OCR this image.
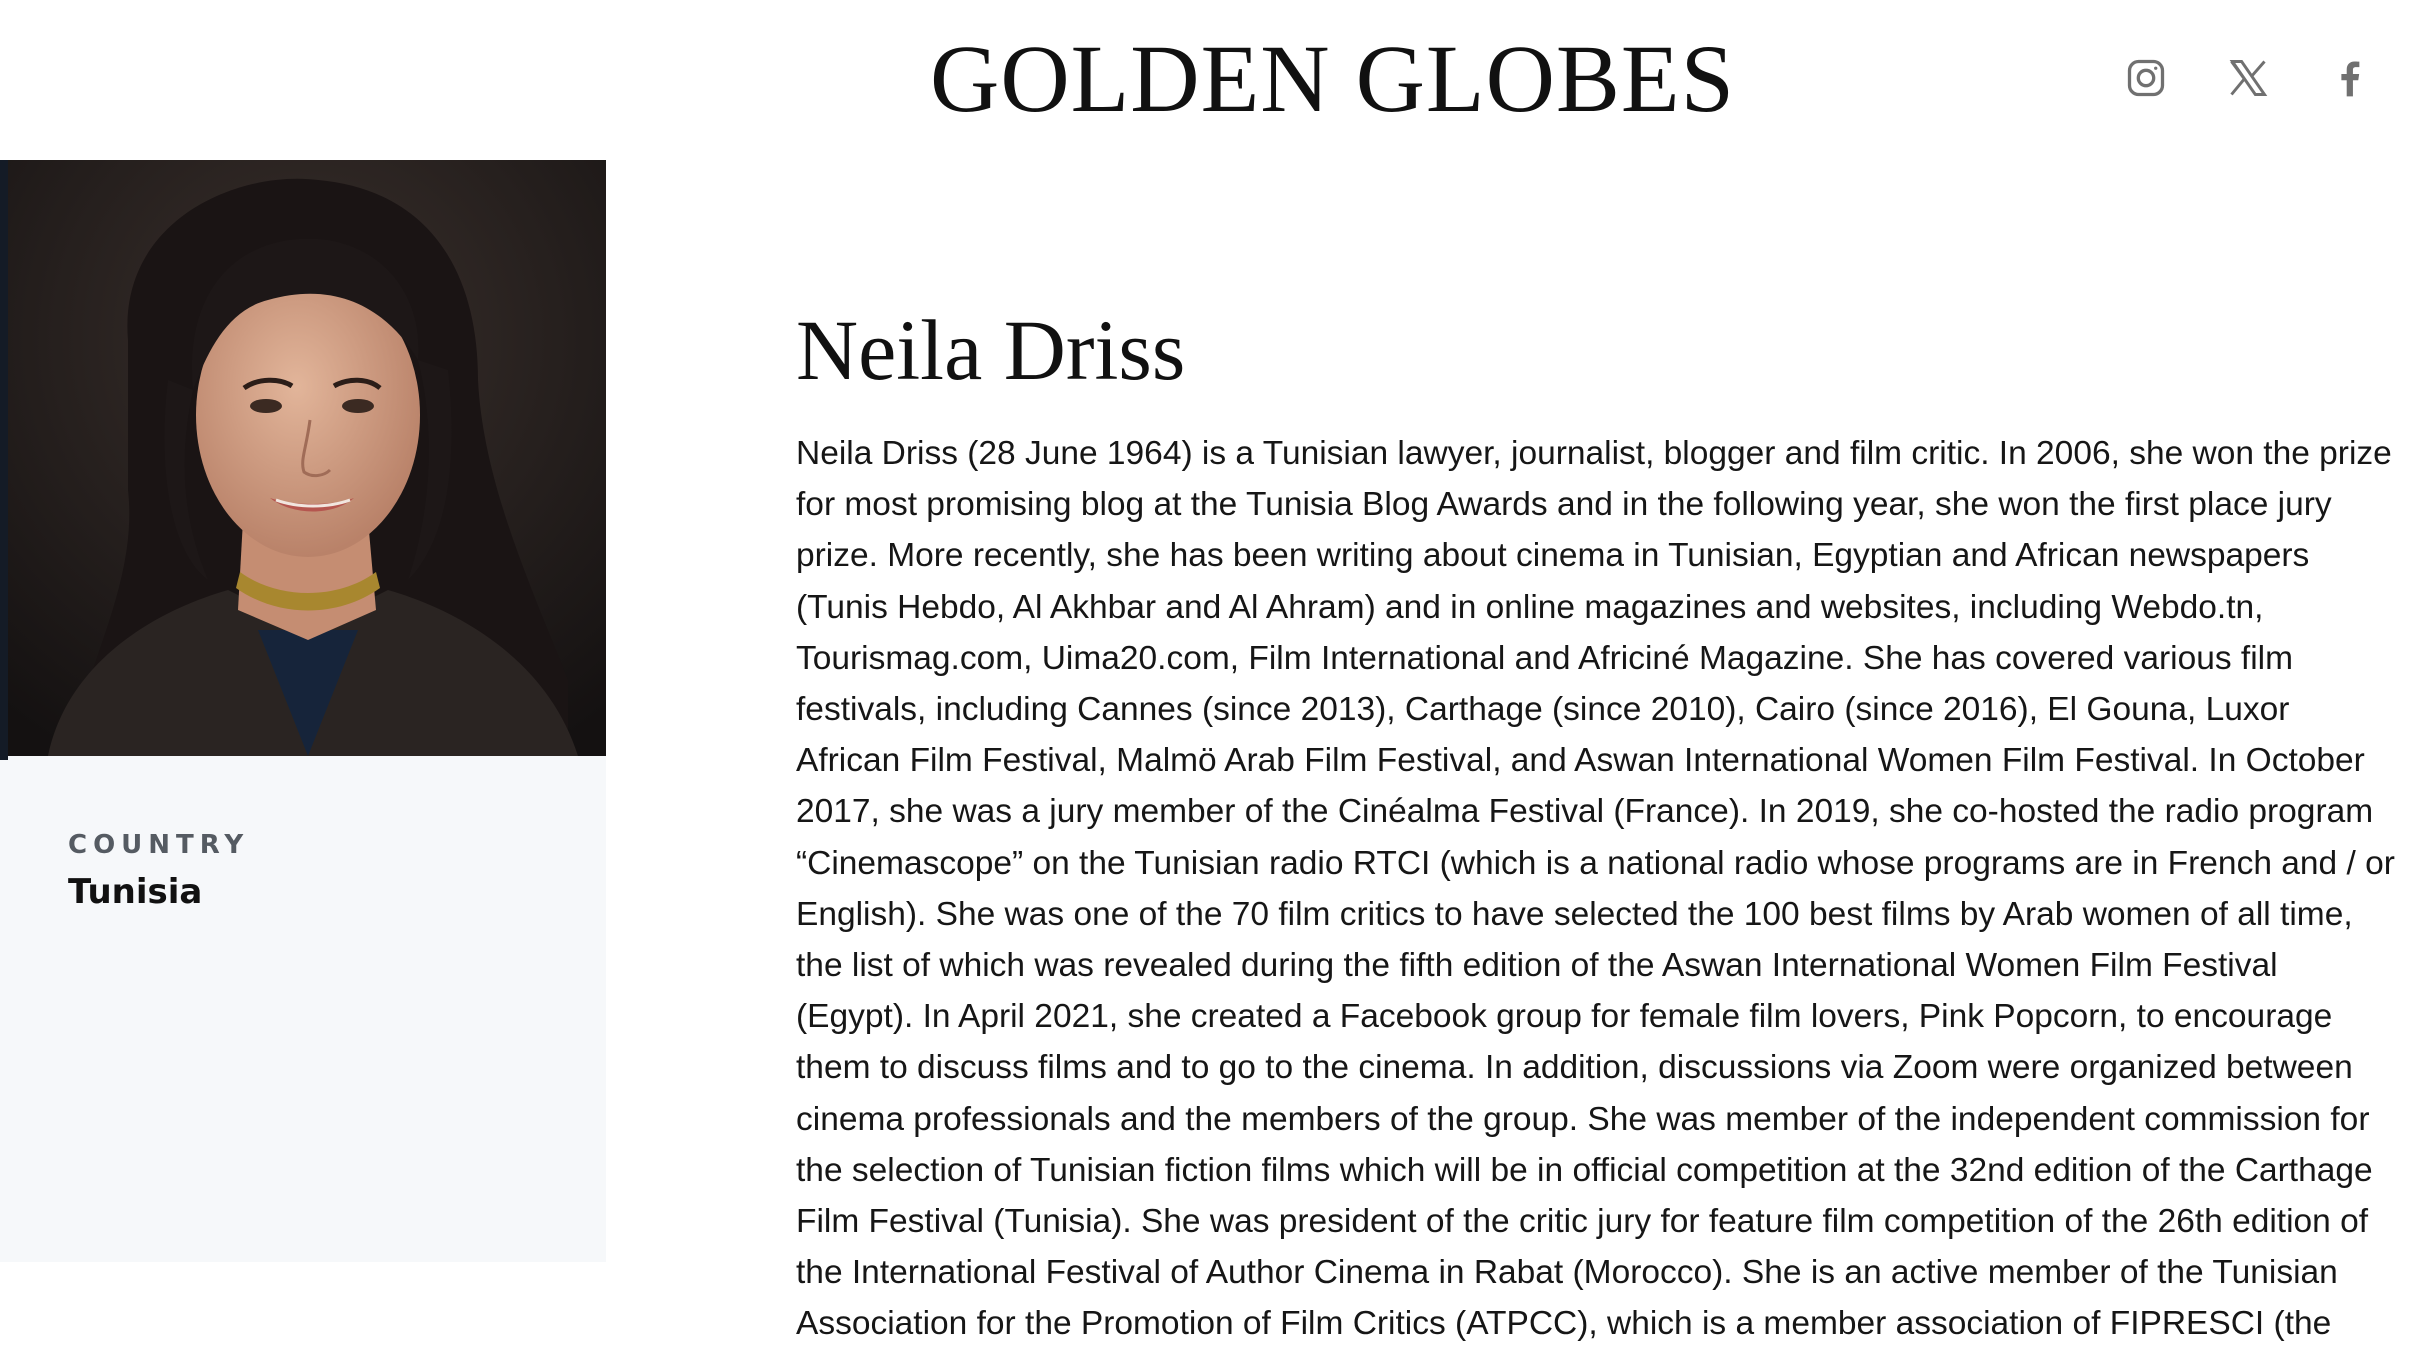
GOLDEN GLOBES
COUNTRY
Tunisia
Neila Driss

Neila Driss (28 June 1964) is a Tunisian lawyer, journalist, blogger and film critic. In 2006, she won the prize for most promising blog at the Tunisia Blog Awards and in the following year, she won the first place jury prize. More recently, she has been writing about cinema in Tunisian, Egyptian and African newspapers (Tunis Hebdo, Al Akhbar and Al Ahram) and in online magazines and websites, including Webdo.tn, Tourismag.com, Uima20.com, Film International and Africiné Magazine. She has covered various film festivals, including Cannes (since 2013), Carthage (since 2010), Cairo (since 2016), El Gouna, Luxor African Film Festival, Malmö Arab Film Festival, and Aswan International Women Film Festival. In October 2017, she was a jury member of the Cinéalma Festival (France). In 2019, she co-hosted the radio program “Cinemascope” on the Tunisian radio RTCI (which is a national radio whose programs are in French and / or English). She was one of the 70 film critics to have selected the 100 best films by Arab women of all time, the list of which was revealed during the fifth edition of the Aswan International Women Film Festival (Egypt). In April 2021, she created a Facebook group for female film lovers, Pink Popcorn, to encourage them to discuss films and to go to the cinema. In addition, discussions via Zoom were organized between cinema professionals and the members of the group. She was member of the independent commission for the selection of Tunisian fiction films which will be in official competition at the 32nd edition of the Carthage Film Festival (Tunisia). She was president of the critic jury for feature film competition of the 26th edition of the International Festival of Author Cinema in Rabat (Morocco). She is an active member of the Tunisian Association for the Promotion of Film Critics (ATPCC), which is a member association of FIPRESCI (the
